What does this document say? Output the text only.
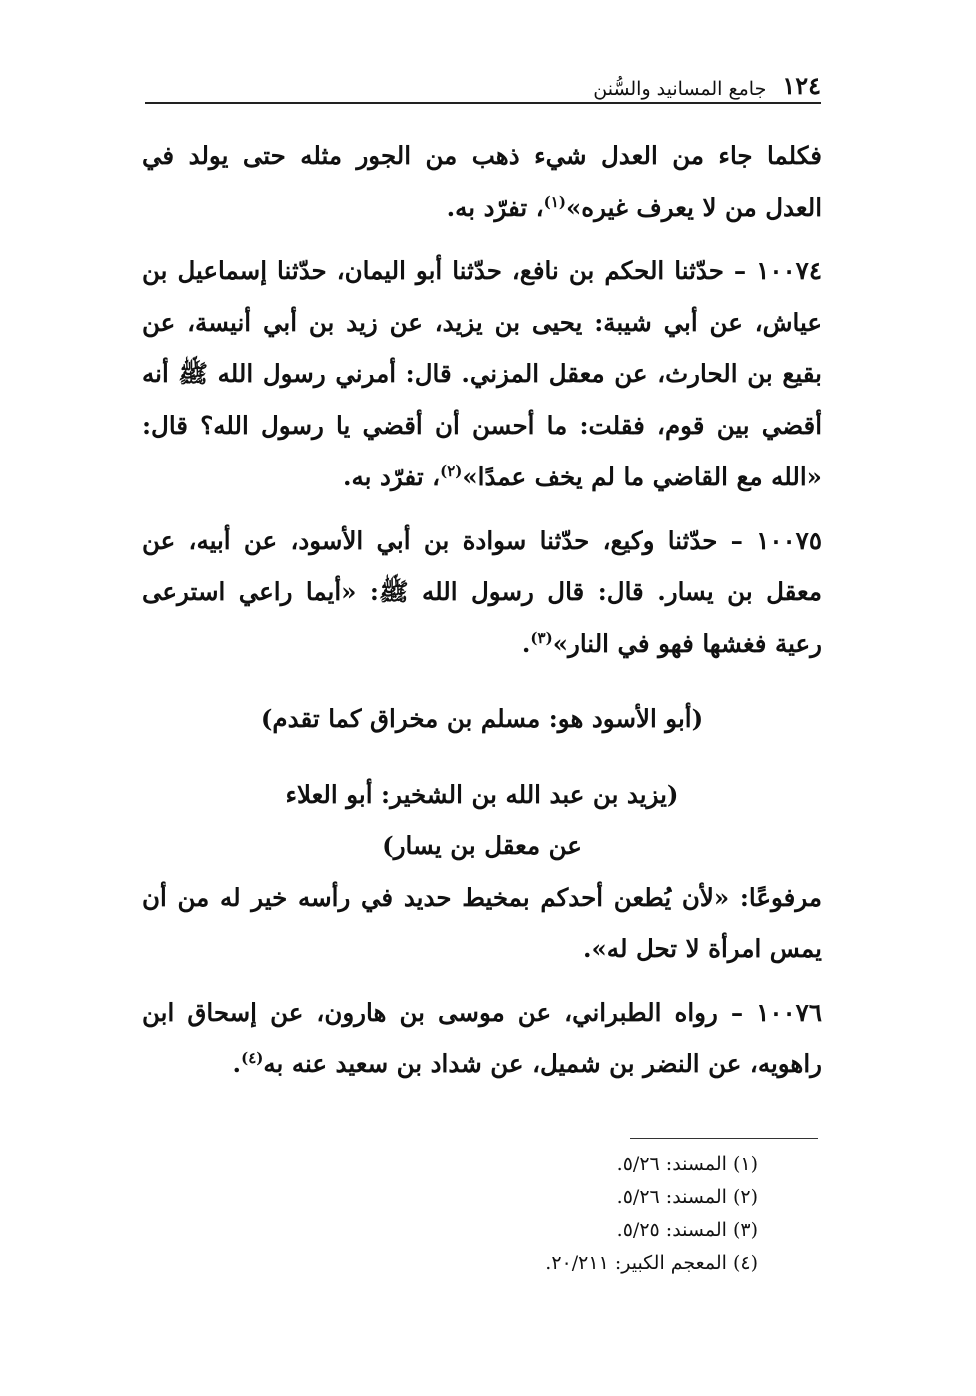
١٢٤
جامع المسانيد والسُّنن

فكلما جاء من العدل شيء ذهب من الجور مثله حتى يولد في العدل من لا يعرف غيره»$^{(١)}$، تفرّد به.

١٠٠٧٤ – حدّثنا الحكم بن نافع، حدّثنا أبو اليمان، حدّثنا إسماعيل بن عياش، عن أبي شيبة: يحيى بن يزيد، عن زيد بن أبي أنيسة، عن بقيع بن الحارث، عن معقل المزني. قال: أمرني رسول الله ﷺ أنه أقضي بين قوم، فقلت: ما أحسن أن أقضي يا رسول الله؟ قال: «الله مع القاضي ما لم يخف عمدًا»$^{(٢)}$، تفرّد به.

١٠٠٧٥ – حدّثنا وكيع، حدّثنا سوادة بن أبي الأسود، عن أبيه، عن معقل بن يسار. قال: قال رسول الله ﷺ: «أيما راعي استرعى رعية فغشها فهو في النار»$^{(٣)}$.

(أبو الأسود هو: مسلم بن مخراق كما تقدم)

(يزيد بن عبد الله بن الشخير: أبو العلاء

عن معقل بن يسار)

مرفوعًا: «لأن يُطعن أحدكم بمخيط حديد في رأسه خير له من أن يمس امرأة لا تحل له».

١٠٠٧٦ – رواه الطبراني، عن موسى بن هارون، عن إسحاق ابن راهويه، عن النضر بن شميل، عن شداد بن سعيد عنه به$^{(٤)}$.

(١) المسند: ٥/٢٦.
(٢) المسند: ٥/٢٦.
(٣) المسند: ٥/٢٥.
(٤) المعجم الكبير: ٢٠/٢١١.
